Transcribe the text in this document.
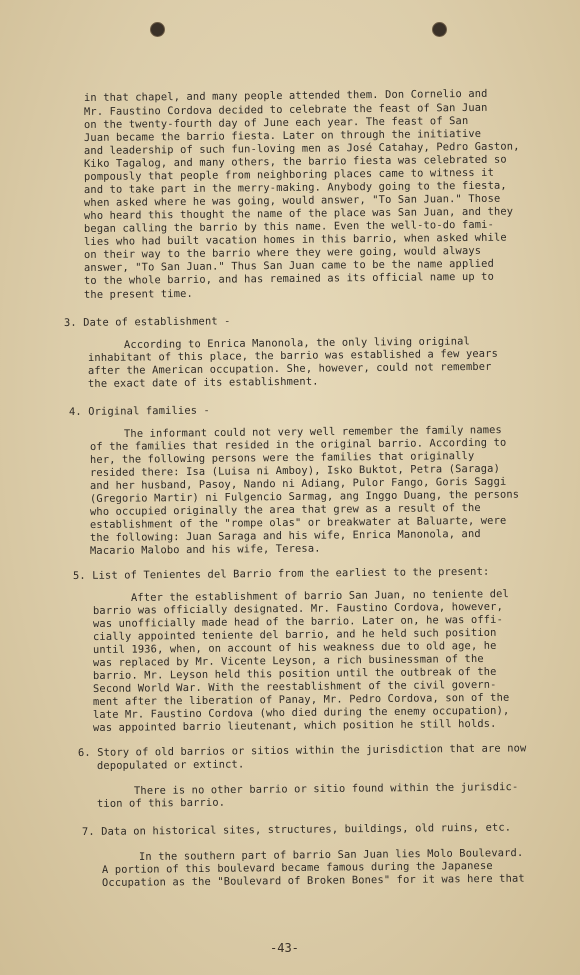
in that chapel, and many people attended them. Don Cornelio and
Mr. Faustino Cordova decided to celebrate the feast of San Juan
on the twenty-fourth day of June each year. The feast of San
Juan became the barrio fiesta. Later on through the initiative
and leadership of such fun-loving men as José Catahay, Pedro Gaston,
Kiko Tagalog, and many others, the barrio fiesta was celebrated so
pompously that people from neighboring places came to witness it
and to take part in the merry-making. Anybody going to the fiesta,
when asked where he was going, would answer, "To San Juan." Those
who heard this thought the name of the place was San Juan, and they
began calling the barrio by this name. Even the well-to-do fami-
lies who had built vacation homes in this barrio, when asked while
on their way to the barrio where they were going, would always
answer, "To San Juan." Thus San Juan came to be the name applied
to the whole barrio, and has remained as its official name up to
the present time.
3. Date of establishment -
According to Enrica Manonola, the only living original
inhabitant of this place, the barrio was established a few years
after the American occupation. She, however, could not remember
the exact date of its establishment.
4. Original families -
The informant could not very well remember the family names
of the families that resided in the original barrio. According to
her, the following persons were the families that originally
resided there: Isa (Luisa ni Amboy), Isko Buktot, Petra (Saraga)
and her husband, Pasoy, Nando ni Adiang, Pulor Fango, Goris Saggi
(Gregorio Martir) ni Fulgencio Sarmag, ang Inggo Duang, the persons
who occupied originally the area that grew as a result of the
establishment of the "rompe olas" or breakwater at Baluarte, were
the following: Juan Saraga and his wife, Enrica Manonola, and
Macario Malobo and his wife, Teresa.
5. List of Tenientes del Barrio from the earliest to the present:
After the establishment of barrio San Juan, no teniente del
barrio was officially designated. Mr. Faustino Cordova, however,
was unofficially made head of the barrio. Later on, he was offi-
cially appointed teniente del barrio, and he held such position
until 1936, when, on account of his weakness due to old age, he
was replaced by Mr. Vicente Leyson, a rich businessman of the
barrio. Mr. Leyson held this position until the outbreak of the
Second World War. With the reestablishment of the civil govern-
ment after the liberation of Panay, Mr. Pedro Cordova, son of the
late Mr. Faustino Cordova (who died during the enemy occupation),
was appointed barrio lieutenant, which position he still holds.
6. Story of old barrios or sitios within the jurisdiction that are now
depopulated or extinct.
There is no other barrio or sitio found within the jurisdic-
tion of this barrio.
7. Data on historical sites, structures, buildings, old ruins, etc.
In the southern part of barrio San Juan lies Molo Boulevard.
A portion of this boulevard became famous during the Japanese
Occupation as the "Boulevard of Broken Bones" for it was here that
-43-
